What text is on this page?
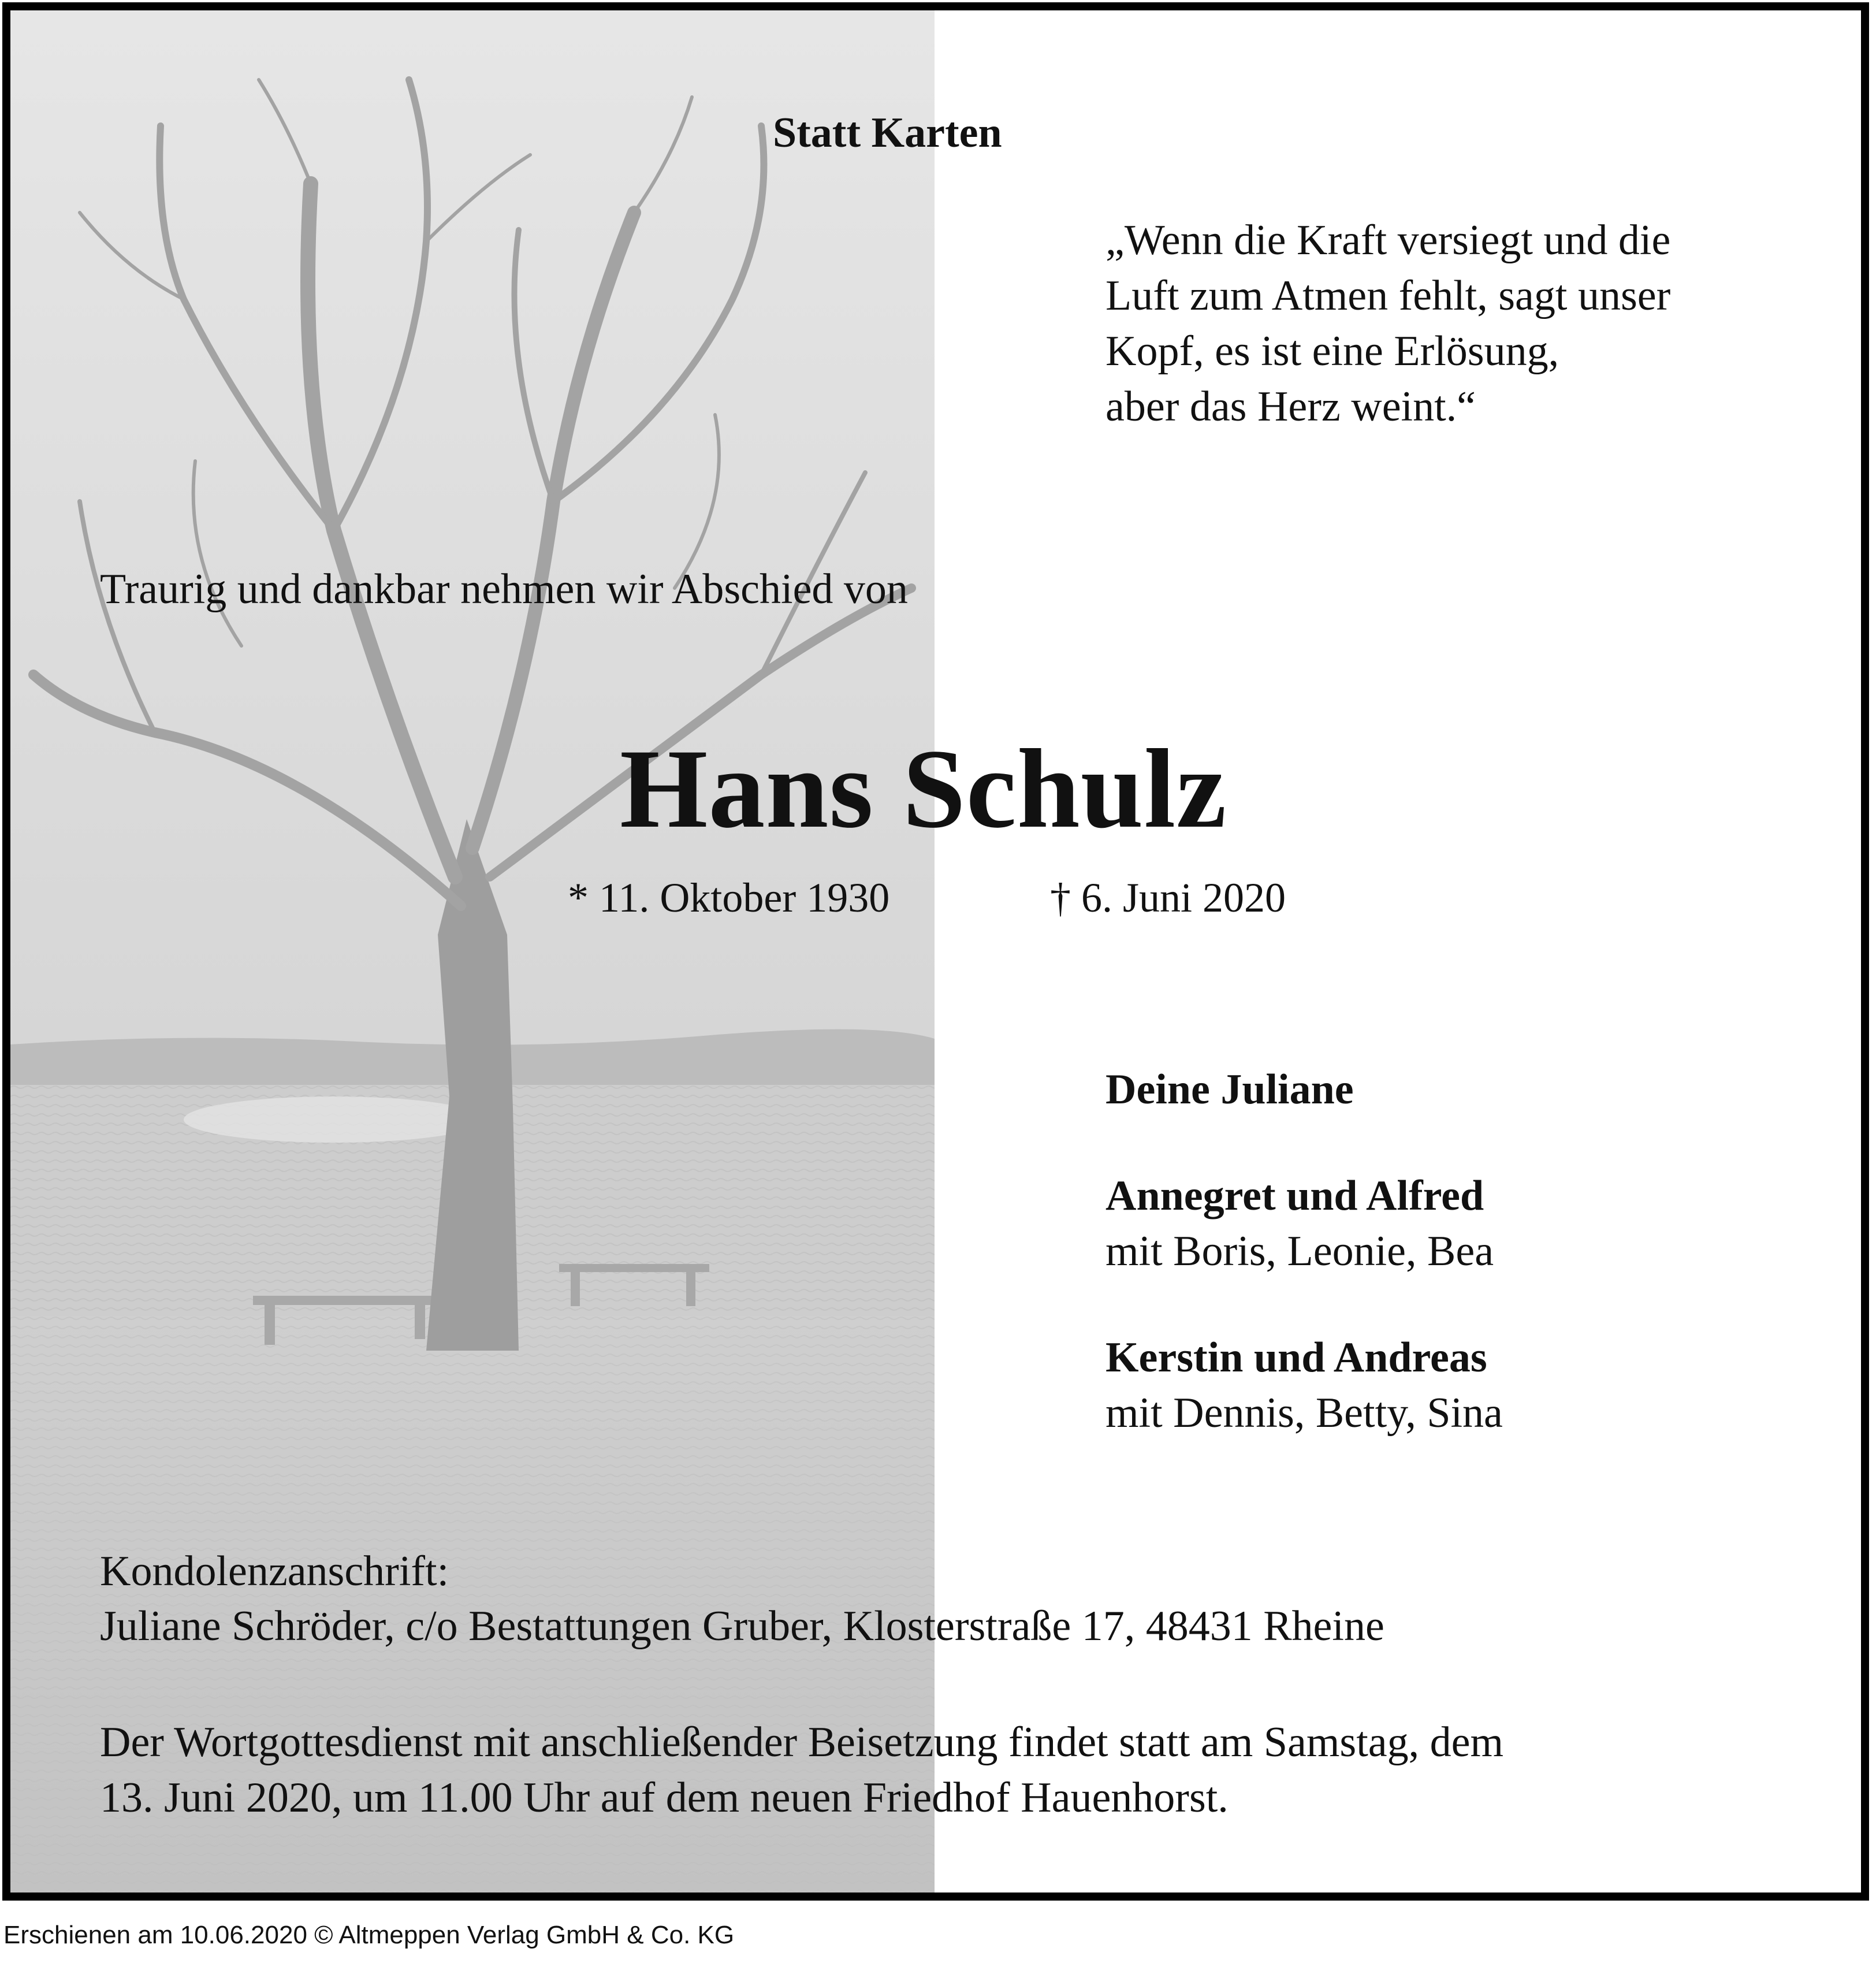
Statt Karten

„Wenn die Kraft versiegt und die
Luft zum Atmen fehlt, sagt unser
Kopf, es ist eine Erlösung,
aber das Herz weint.“

Traurig und dankbar nehmen wir Abschied von

Hans Schulz

* 11. Oktober 1930	† 6. Juni 2020

Deine Juliane

Annegret und Alfred

mit Boris, Leonie, Bea

Kerstin und Andreas

mit Dennis, Betty, Sina

Kondolenzanschrift:

Juliane Schröder, c/o Bestattungen Gruber, Klosterstraße 17, 48431 Rheine

Der Wortgottesdienst mit anschließender Beisetzung findet statt am Samstag, dem
13. Juni 2020, um 11.00 Uhr auf dem neuen Friedhof Hauenhorst.

Erschienen am 10.06.2020 © Altmeppen Verlag GmbH & Co. KG
